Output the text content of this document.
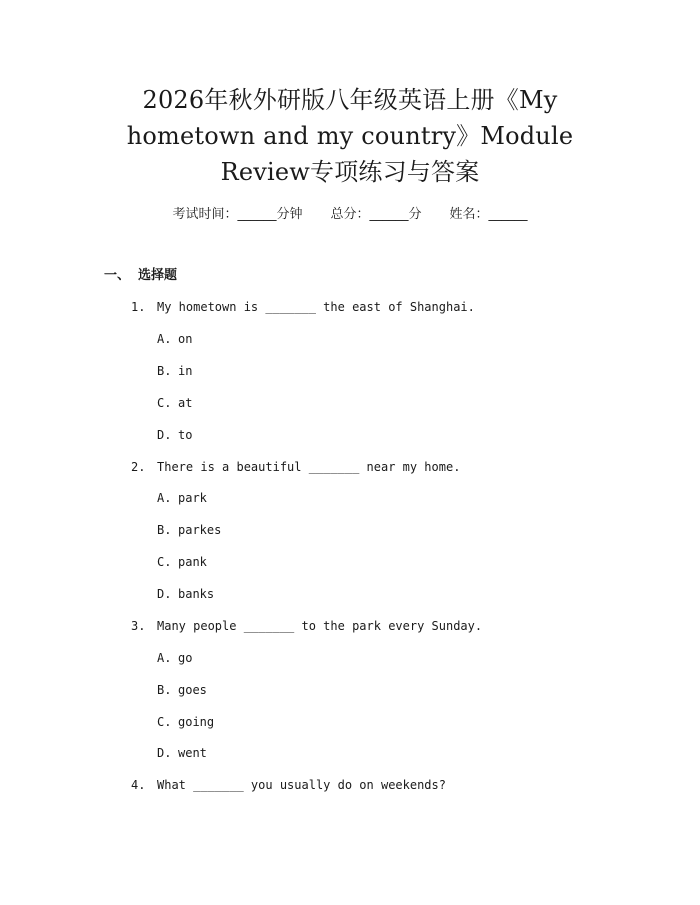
2026年秋外研版八年级英语上册《My hometown and my country》Module Review专项练习与答案
考试时间：______分钟 总分：______分 姓名：______
一、 选择题
1. My hometown is _______ the east of Shanghai.
A. on
B. in
C. at
D. to
2. There is a beautiful _______ near my home.
A. park
B. parkes
C. pank
D. banks
3. Many people _______ to the park every Sunday.
A. go
B. goes
C. going
D. went
4. What _______ you usually do on weekends?
